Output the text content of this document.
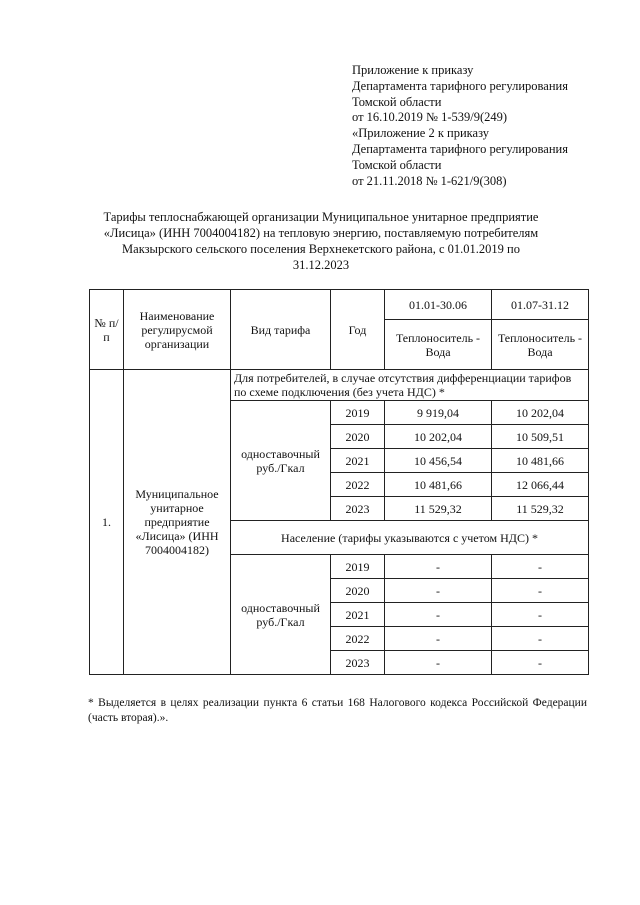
Приложение к приказу
Департамента тарифного регулирования
Томской области
от 16.10.2019 № 1-539/9(249)
«Приложение 2 к приказу
Департамента тарифного регулирования
Томской области
от 21.11.2018 № 1-621/9(308)
Тарифы теплоснабжающей организации Муниципальное унитарное предприятие
«Лисица» (ИНН 7004004182) на тепловую энергию, поставляемую потребителям
Макзырского сельского поселения Верхнекетского района, с 01.01.2019 по
31.12.2023
№ п/п	Наименование регулирусмой организации	Вид тарифа	Год	01.01-30.06	01.07-31.12
				Теплоноситель - Вода	Теплоноситель - Вода
1.	Муниципальное унитарное предприятие «Лисица» (ИНН 7004004182)	Для потребителей, в случае отсутствия дифференциации тарифов по схеме подключения (без учета НДС) *			
		одноставочный руб./Гкал	2019	9 919,04	10 202,04
			2020	10 202,04	10 509,51
			2021	10 456,54	10 481,66
			2022	10 481,66	12 066,44
			2023	11 529,32	11 529,32
		Население (тарифы указываются с учетом НДС) *			
		одноставочный руб./Гкал	2019	-	-
			2020	-	-
			2021	-	-
			2022	-	-
			2023	-	-
* Выделяется в целях реализации пункта 6 статьи 168 Налогового кодекса Российской Федерации (часть вторая).».
